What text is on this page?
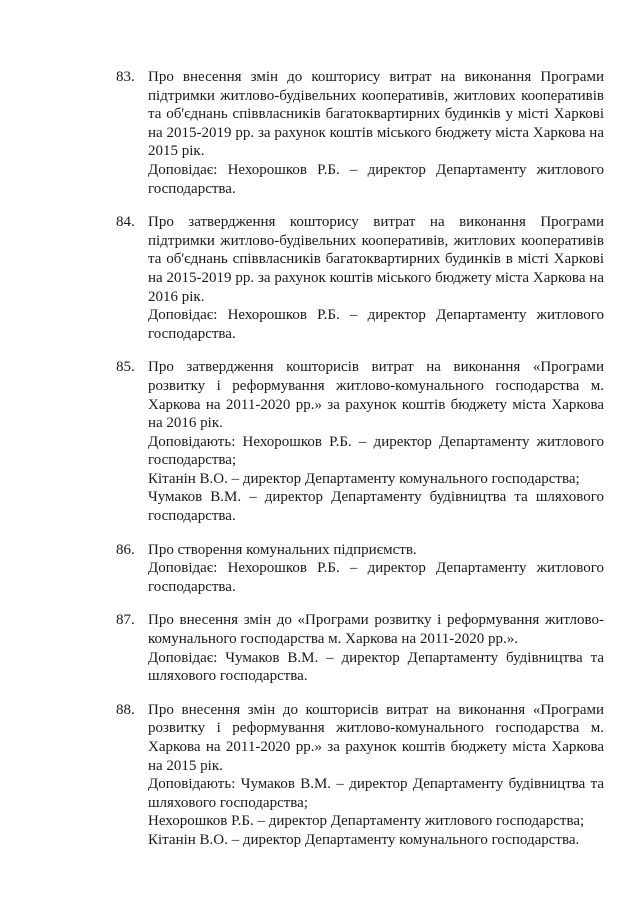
83. Про внесення змін до кошторису витрат на виконання Програми підтримки житлово-будівельних кооперативів, житлових кооперативів та об'єднань співвласників багатоквартирних будинків у місті Харкові на 2015-2019 рр. за рахунок коштів міського бюджету міста Харкова на 2015 рік.

Доповідає: Нехорошков Р.Б. – директор Департаменту житлового господарства.

84. Про затвердження кошторису витрат на виконання Програми підтримки житлово-будівельних кооперативів, житлових кооперативів та об'єднань співвласників багатоквартирних будинків в місті Харкові на 2015-2019 рр. за рахунок коштів міського бюджету міста Харкова на 2016 рік.

Доповідає: Нехорошков Р.Б. – директор Департаменту житлового господарства.

85. Про затвердження кошторисів витрат на виконання «Програми розвитку і реформування житлово-комунального господарства м. Харкова на 2011-2020 рр.» за рахунок коштів бюджету міста Харкова на 2016 рік.

Доповідають: Нехорошков Р.Б. – директор Департаменту житлового господарства;

Кітанін В.О. – директор Департаменту комунального господарства;

Чумаков В.М. – директор Департаменту будівництва та шляхового господарства.

86. Про створення комунальних підприємств.

Доповідає: Нехорошков Р.Б. – директор Департаменту житлового господарства.

87. Про внесення змін до «Програми розвитку і реформування житлово-комунального господарства м. Харкова на 2011-2020 рр.».

Доповідає: Чумаков В.М. – директор Департаменту будівництва та шляхового господарства.

88. Про внесення змін до кошторисів витрат на виконання «Програми розвитку і реформування житлово-комунального господарства м. Харкова на 2011-2020 рр.» за рахунок коштів бюджету міста Харкова на 2015 рік.

Доповідають: Чумаков В.М. – директор Департаменту будівництва та шляхового господарства;

Нехорошков Р.Б. – директор Департаменту житлового господарства;

Кітанін В.О. – директор Департаменту комунального господарства.
